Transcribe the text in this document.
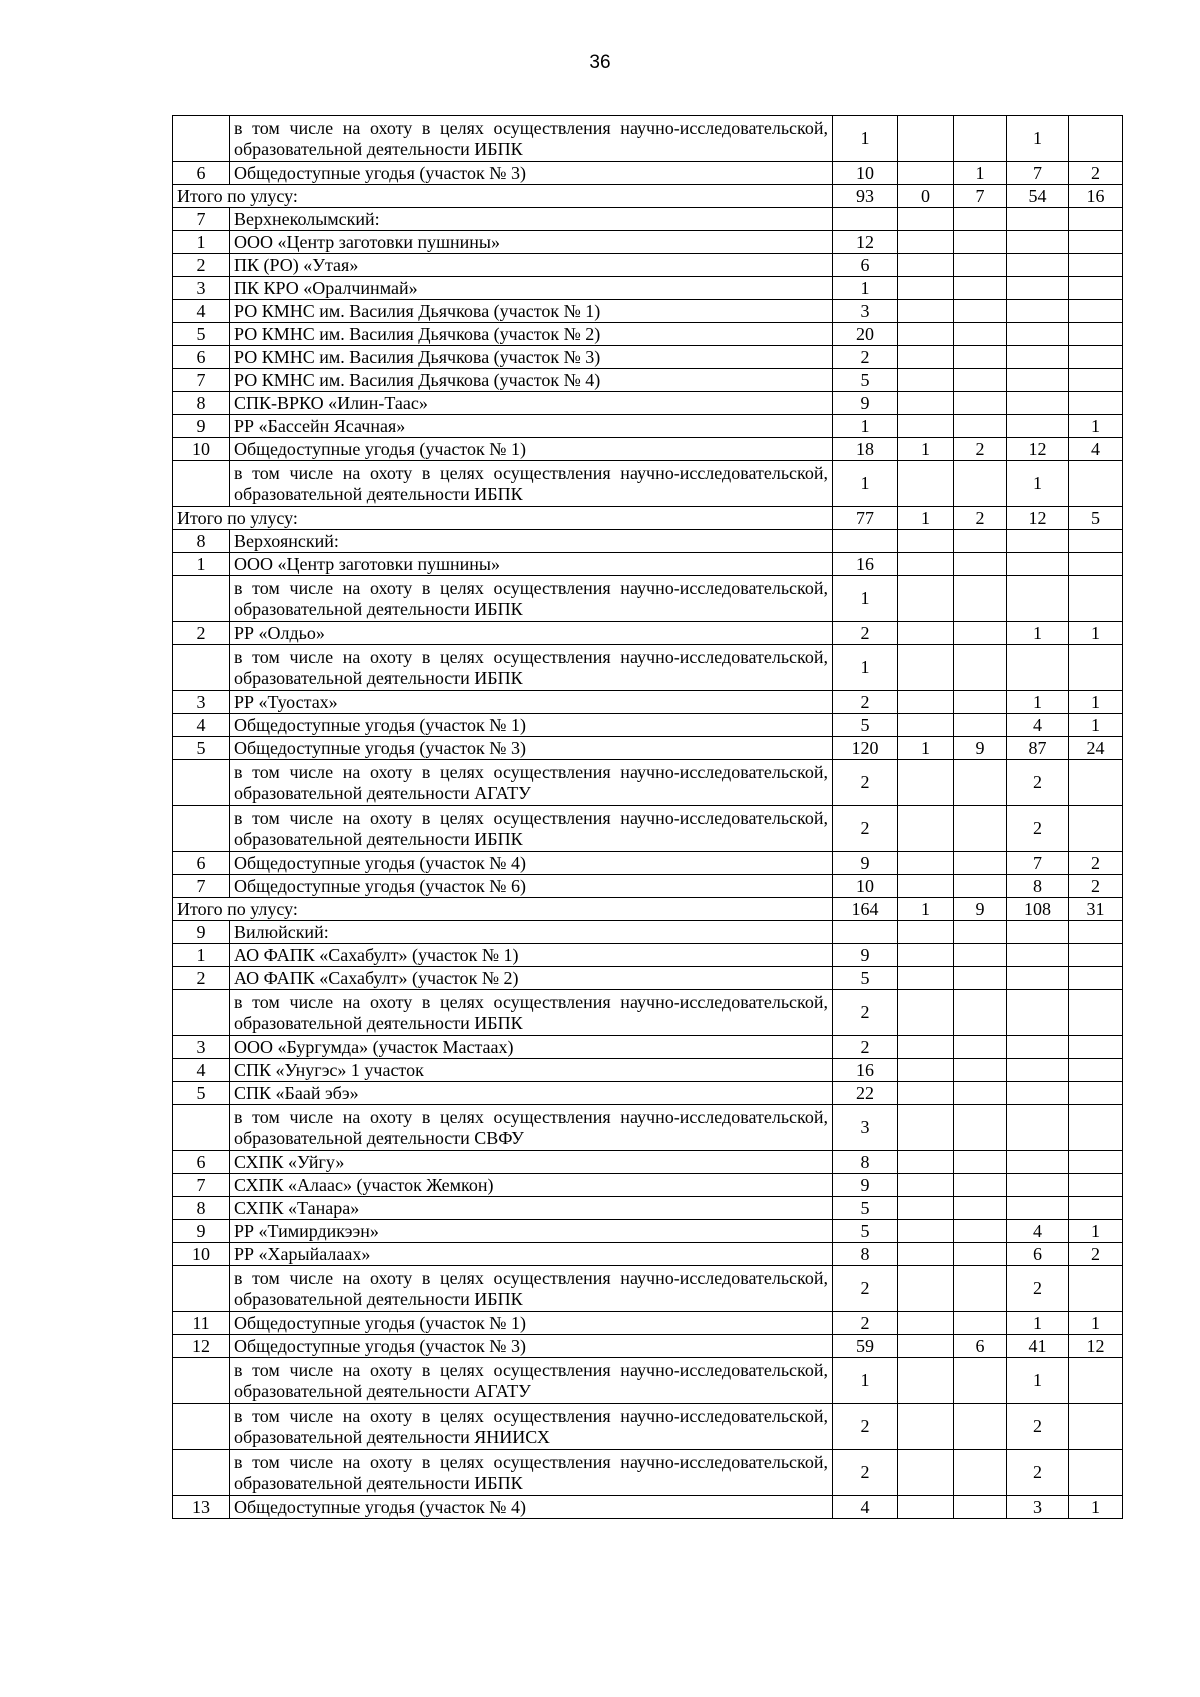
36
	в том числе на охоту в целях осуществления научно-исследовательской, образовательной деятельности ИБПК	1			1	
6	Общедоступные угодья (участок № 3)	10		1	7	2
Итого по улусу:		93	0	7	54	16
7	Верхнеколымский:					
1	ООО «Центр заготовки пушнины»	12				
2	ПК (РО) «Утая»	6				
3	ПК КРО «Оралчинмай»	1				
4	РО КМНС им. Василия Дьячкова (участок № 1)	3				
5	РО КМНС им. Василия Дьячкова (участок № 2)	20				
6	РО КМНС им. Василия Дьячкова (участок № 3)	2				
7	РО КМНС им. Василия Дьячкова (участок № 4)	5				
8	СПК-ВРКО «Илин-Таас»	9				
9	РР «Бассейн Ясачная»	1				1
10	Общедоступные угодья (участок № 1)	18	1	2	12	4
	в том числе на охоту в целях осуществления научно-исследовательской, образовательной деятельности ИБПК	1			1	
Итого по улусу:		77	1	2	12	5
8	Верхоянский:					
1	ООО «Центр заготовки пушнины»	16				
	в том числе на охоту в целях осуществления научно-исследовательской, образовательной деятельности ИБПК	1				
2	РР «Олдьо»	2			1	1
	в том числе на охоту в целях осуществления научно-исследовательской, образовательной деятельности ИБПК	1				
3	РР «Туостах»	2			1	1
4	Общедоступные угодья (участок № 1)	5			4	1
5	Общедоступные угодья (участок № 3)	120	1	9	87	24
	в том числе на охоту в целях осуществления научно-исследовательской, образовательной деятельности АГАТУ	2			2	
	в том числе на охоту в целях осуществления научно-исследовательской, образовательной деятельности ИБПК	2			2	
6	Общедоступные угодья (участок № 4)	9			7	2
7	Общедоступные угодья (участок № 6)	10			8	2
Итого по улусу:		164	1	9	108	31
9	Вилюйский:					
1	АО ФАПК «Сахабулт» (участок № 1)	9				
2	АО ФАПК «Сахабулт» (участок № 2)	5				
	в том числе на охоту в целях осуществления научно-исследовательской, образовательной деятельности ИБПК	2				
3	ООО «Бургумда» (участок Мастаах)	2				
4	СПК «Унугэс» 1 участок	16				
5	СПК «Баай эбэ»	22				
	в том числе на охоту в целях осуществления научно-исследовательской, образовательной деятельности СВФУ	3				
6	СХПК «Уйгу»	8				
7	СХПК «Алаас» (участок Жемкон)	9				
8	СХПК «Танара»	5				
9	РР «Тимирдикээн»	5			4	1
10	РР «Харыйалаах»	8			6	2
	в том числе на охоту в целях осуществления научно-исследовательской, образовательной деятельности ИБПК	2			2	
11	Общедоступные угодья (участок № 1)	2			1	1
12	Общедоступные угодья (участок № 3)	59		6	41	12
	в том числе на охоту в целях осуществления научно-исследовательской, образовательной деятельности АГАТУ	1			1	
	в том числе на охоту в целях осуществления научно-исследовательской, образовательной деятельности ЯНИИСХ	2			2	
	в том числе на охоту в целях осуществления научно-исследовательской, образовательной деятельности ИБПК	2			2	
13	Общедоступные угодья (участок № 4)	4			3	1
